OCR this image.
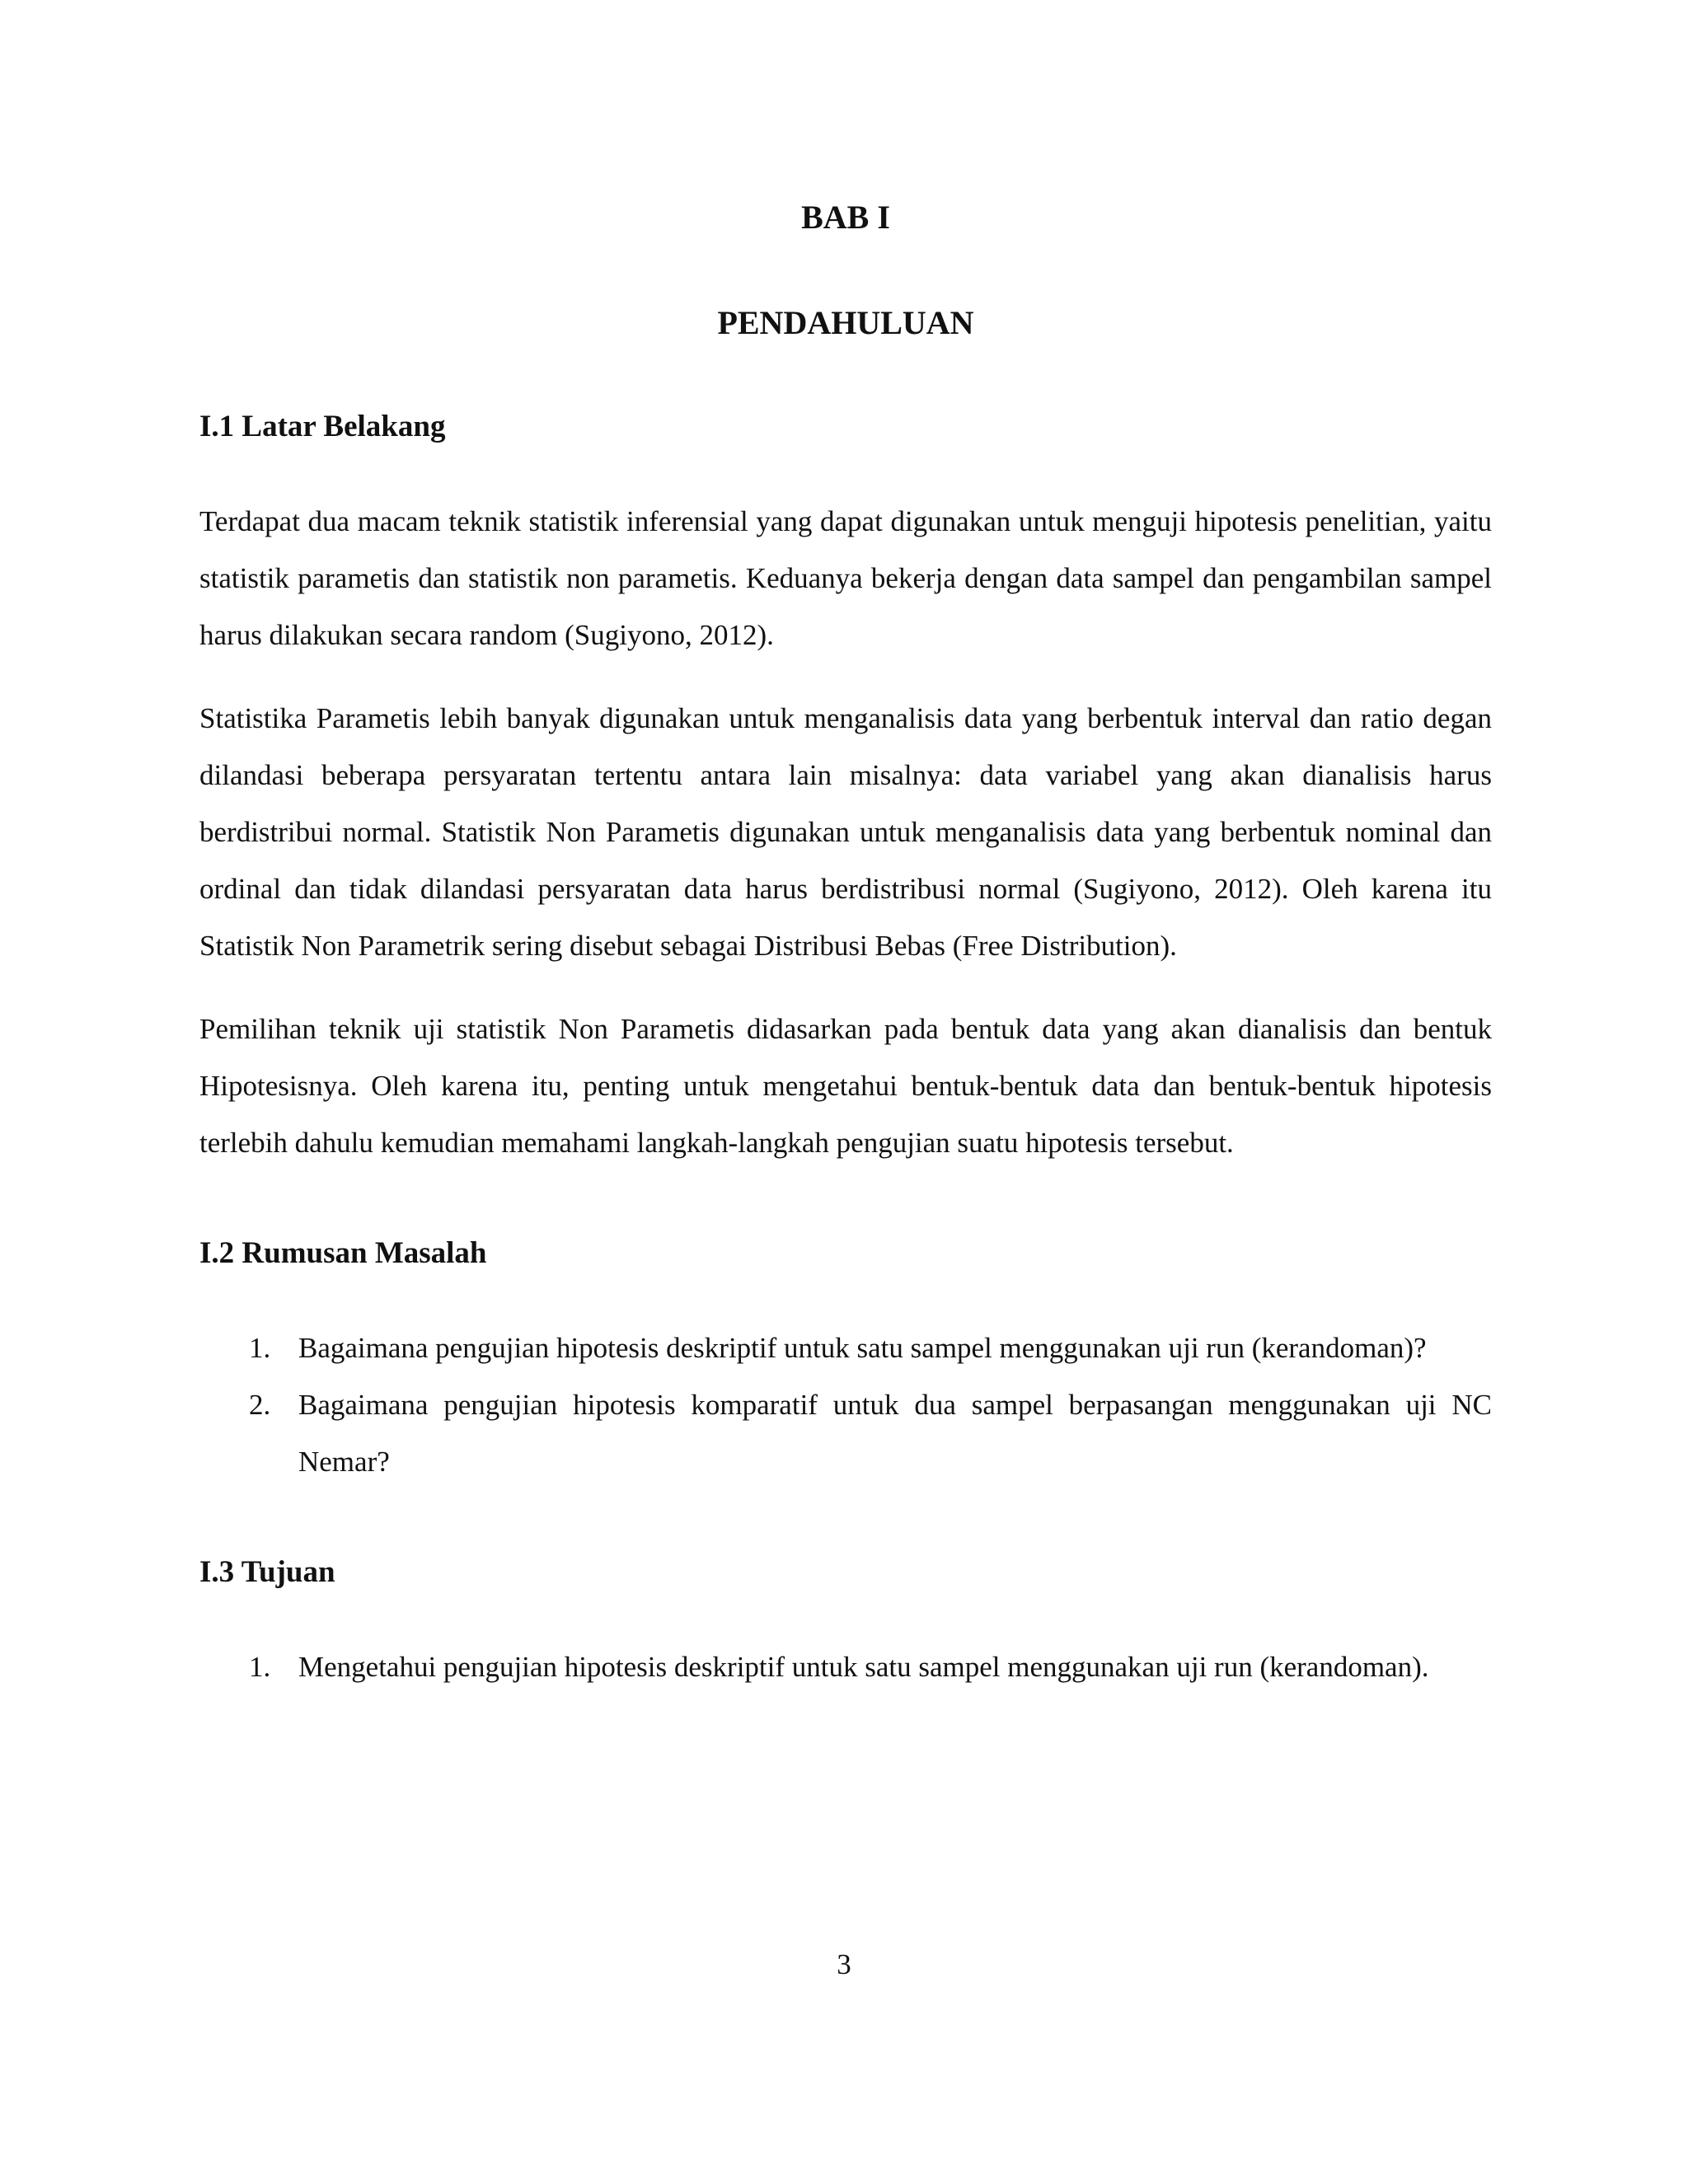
BAB I
PENDAHULUAN
I.1 Latar Belakang

Terdapat dua macam teknik statistik inferensial yang dapat digunakan untuk menguji hipotesis penelitian, yaitu statistik parametis dan statistik non parametis. Keduanya bekerja dengan data sampel dan pengambilan sampel harus dilakukan secara random (Sugiyono, 2012).

Statistika Parametis lebih banyak digunakan untuk menganalisis data yang berbentuk interval dan ratio degan dilandasi beberapa persyaratan tertentu antara lain misalnya: data variabel yang akan dianalisis harus berdistribui normal. Statistik Non Parametis digunakan untuk menganalisis data yang berbentuk nominal dan ordinal dan tidak dilandasi persyaratan data harus berdistribusi normal (Sugiyono, 2012). Oleh karena itu Statistik Non Parametrik sering disebut sebagai Distribusi Bebas (Free Distribution).

Pemilihan teknik uji statistik Non Parametis didasarkan pada bentuk data yang akan dianalisis dan bentuk Hipotesisnya. Oleh karena itu, penting untuk mengetahui bentuk-bentuk data dan bentuk-bentuk hipotesis terlebih dahulu kemudian memahami langkah-langkah pengujian suatu hipotesis tersebut.

I.2 Rumusan Masalah
1. Bagaimana pengujian hipotesis deskriptif untuk satu sampel menggunakan uji run (kerandoman)?
2. Bagaimana pengujian hipotesis komparatif untuk dua sampel berpasangan menggunakan uji NC Nemar?
I.3 Tujuan
1. Mengetahui pengujian hipotesis deskriptif untuk satu sampel menggunakan uji run (kerandoman).
3
